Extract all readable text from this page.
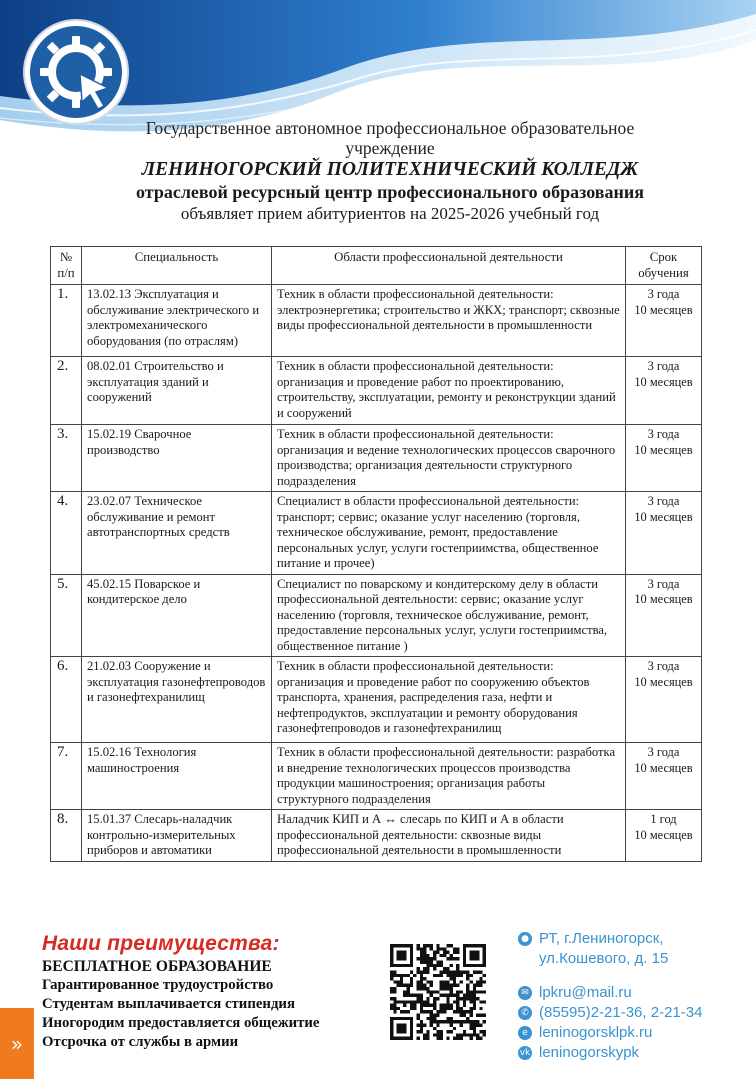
Государственное автономное профессиональное образовательное
учреждение
ЛЕНИНОГОРСКИЙ ПОЛИТЕХНИЧЕСКИЙ КОЛЛЕДЖ
отраслевой ресурсный центр профессионального образования
объявляет прием абитуриентов на 2025-2026 учебный год
№ п/п	Специальность	Области профессиональной деятельности	Срок обучения
1.	13.02.13 Эксплуатация и обслуживание электрического и электромеханического оборудования (по отраслям)	Техник в области профессиональной деятельности: электроэнергетика; строительство и ЖКХ; транспорт; сквозные виды профессиональной деятельности в промышленности	3 года
10 месяцев

2.	08.02.01 Строительство и эксплуатация зданий и сооружений	Техник в области профессиональной деятельности: организация и проведение работ по проектированию, строительству, эксплуатации, ремонту и реконструкции зданий и сооружений	3 года
10 месяцев

3.	15.02.19 Сварочное производство	Техник в области профессиональной деятельности: организация и ведение технологических процессов сварочного производства; организация деятельности структурного подразделения	3 года
10 месяцев

4.	23.02.07 Техническое обслуживание и ремонт автотранспортных средств	Специалист в области профессиональной деятельности: транспорт; сервис; оказание услуг населению (торговля, техническое обслуживание, ремонт, предоставление персональных услуг, услуги гостеприимства, общественное питание и прочее)	3 года
10 месяцев

5.	45.02.15 Поварское и кондитерское дело	Специалист по поварскому и кондитерскому делу в области профессиональной деятельности: сервис; оказание услуг населению (торговля, техническое обслуживание, ремонт, предоставление персональных услуг, услуги гостеприимства, общественное питание )	3 года
10 месяцев

6.	21.02.03 Сооружение и эксплуатация газонефтепроводов и газонефтехранилищ	Техник в области профессиональной деятельности: организация и проведение работ по сооружению объектов транспорта, хранения, распределения газа, нефти и нефтепродуктов, эксплуатации и ремонту оборудования газонефтепроводов и газонефтехранилищ	3 года
10 месяцев

7.	15.02.16 Технология машиностроения	Техник в области профессиональной деятельности: разработка и внедрение технологических процессов производства продукции машиностроения; организация работы структурного подразделения	3 года
10 месяцев

8.	15.01.37 Слесарь-наладчик контрольно-измерительных приборов и автоматики	Наладчик КИП и А ↔ слесарь по КИП и А в области профессиональной деятельности: сквозные виды профессиональной деятельности в промышленности	1 год
10 месяцев
Наши преимущества:
БЕСПЛАТНОЕ ОБРАЗОВАНИЕ
Гарантированное трудоустройство
Студентам выплачивается стипендия
Иногородим предоставляется общежитие
Отсрочка от службы в армии
● РТ, г.Лениногорск,
ул.Кошевого, д. 15
✉ lpkru@mail.ru
✆ (85595)2-21-36, 2-21-34
e leninogorsklpk.ru
vk leninogorskypk
»
